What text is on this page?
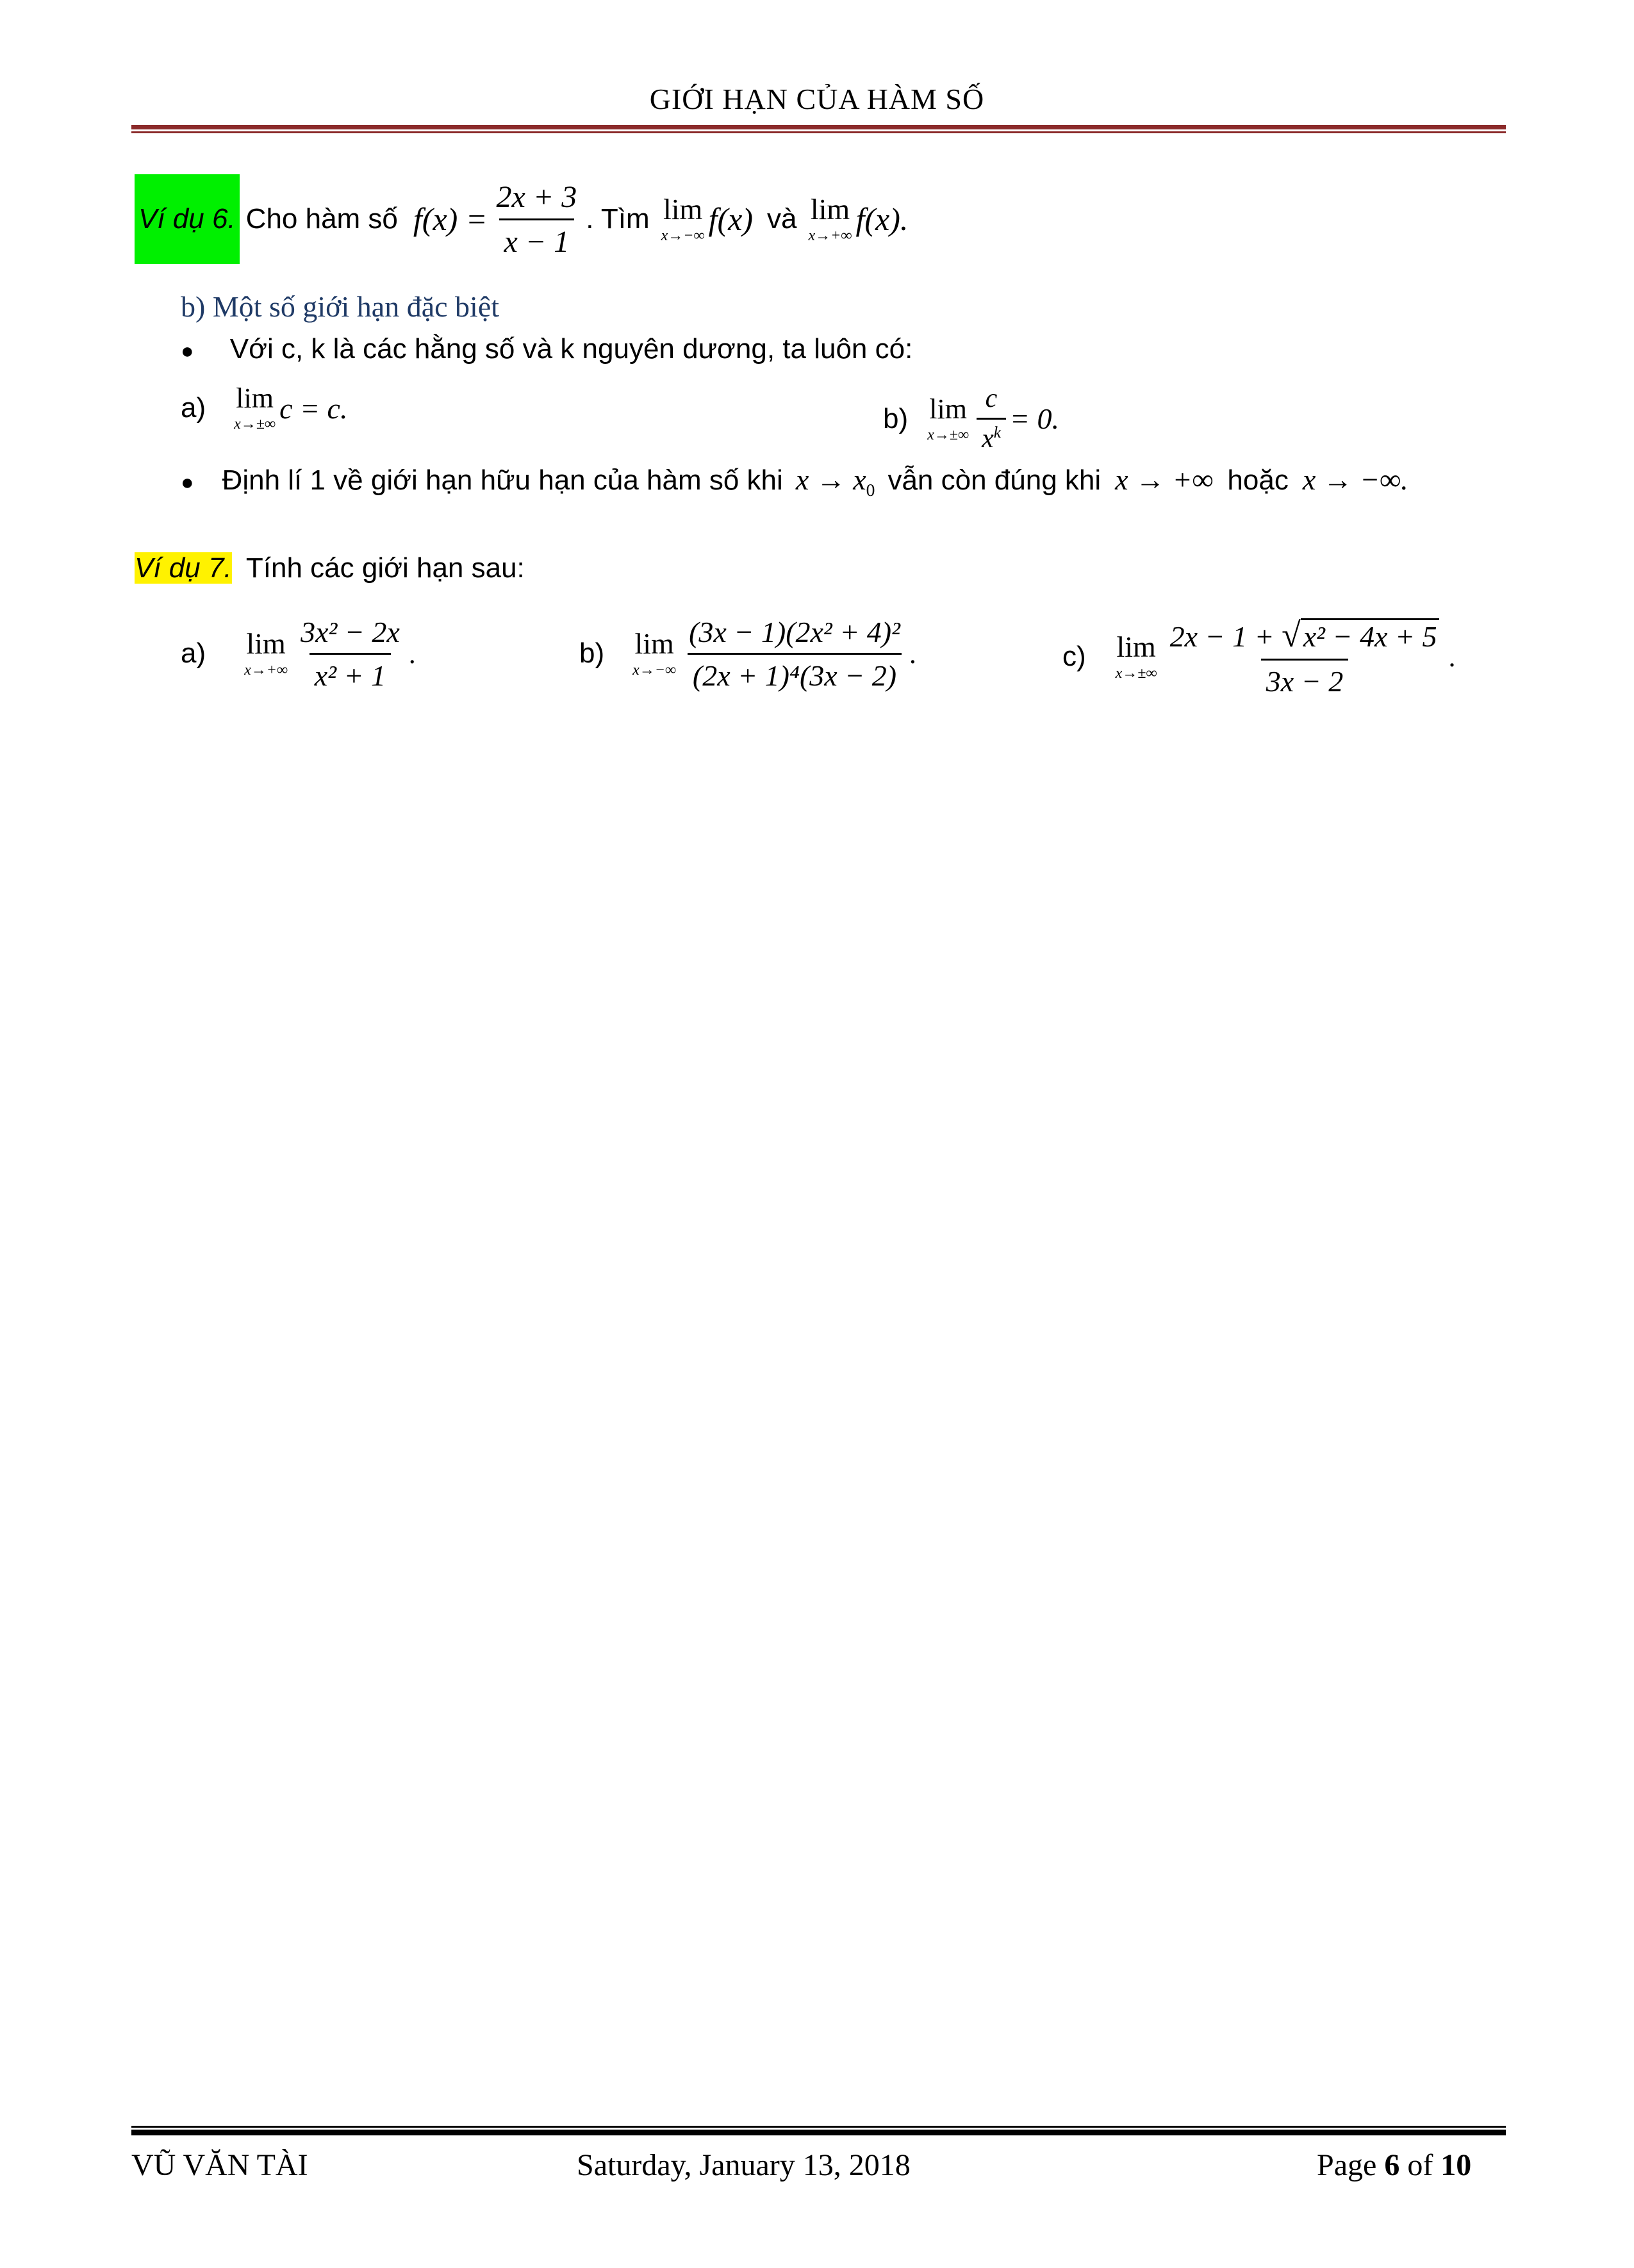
GIỚI HẠN CỦA HÀM SỐ
Ví dụ 6. Cho hàm số $f(x) = \frac{2x + 3}{x - 1}$ . Tìm lim
x→−∞ f(x) và lim
x→+∞ f(x).
b) Một số giới hạn đặc biệt
● Với c, k là các hằng số và k nguyên dương, ta luôn có:
a) lim
x→±∞ c = c.	b) lim
$x\to\pm\infty \frac{c}{x^k} = 0$.
● Định lí 1 về giới hạn hữu hạn của hàm số khi $x \to x_0$ vẫn còn đúng khi x → +∞ hoặc x → −∞.
Ví dụ 7. Tính các giới hạn sau:
a) lim
$x\to+\infty \frac{\text{3x² − 2x}}{\text{x² + 1}}$ .	b) lim
$x\to-\infty \frac{\text{(3x − 1)(2x² + 4)²}}{\text{(2x + 1)⁴(3x − 2)}}$ .	c) lim
$x\to\pm\infty \frac{\text{2x − 1 + √x² − 4x + 5}}{3x - 2}$ .
VŨ VĂN TÀI	Saturday, January 13, 2018	Page 6 of 10
